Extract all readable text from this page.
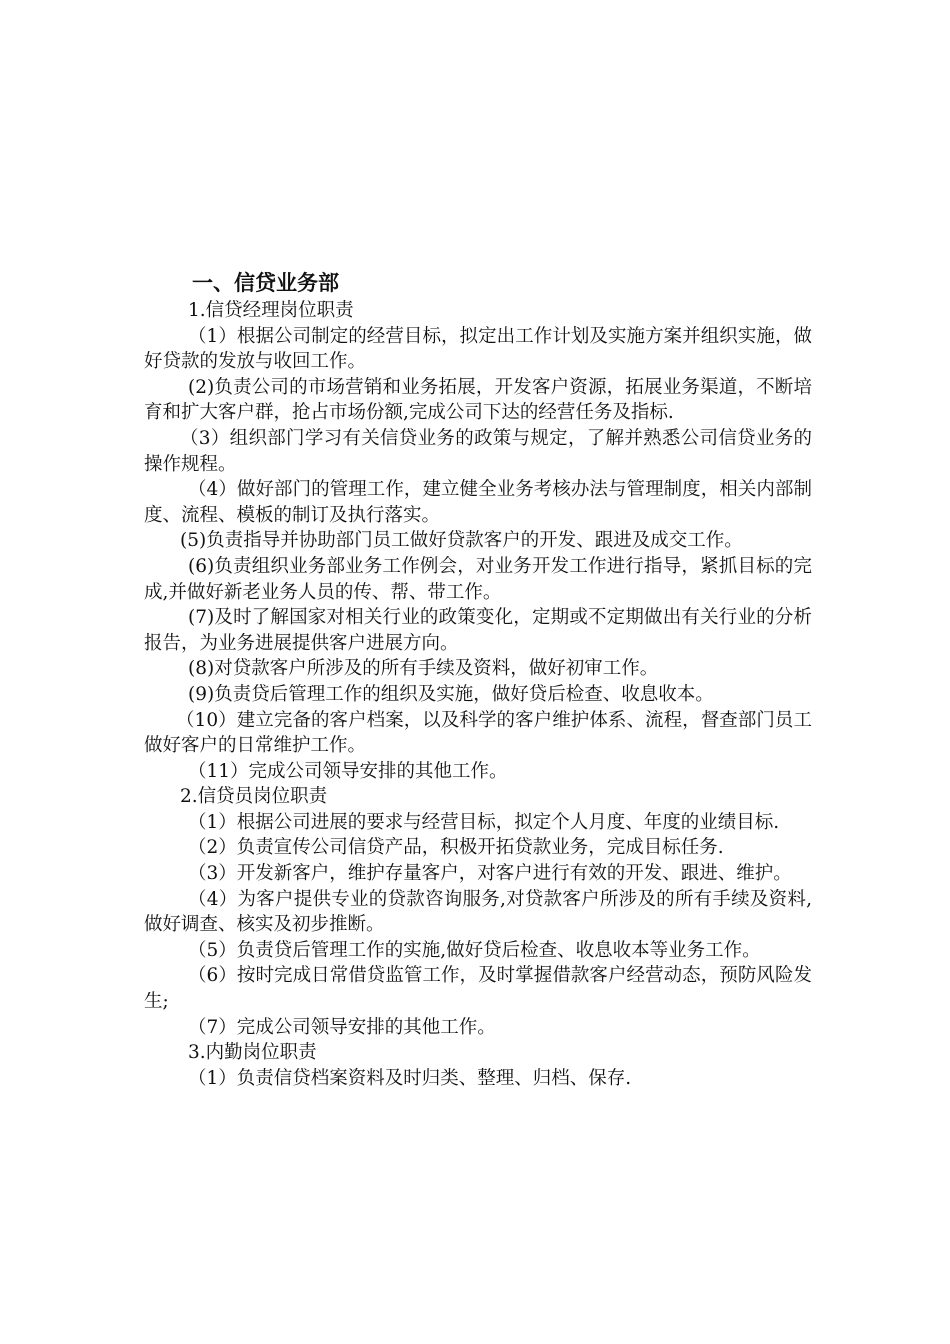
一、信贷业务部

1.信贷经理岗位职责

（1）根据公司制定的经营目标，拟定出工作计划及实施方案并组织实施，做好贷款的发放与收回工作。

(2)负责公司的市场营销和业务拓展，开发客户资源，拓展业务渠道，不断培育和扩大客户群，抢占市场份额,完成公司下达的经营任务及指标.

（3）组织部门学习有关信贷业务的政策与规定，了解并熟悉公司信贷业务的操作规程。

（4）做好部门的管理工作，建立健全业务考核办法与管理制度，相关内部制度、流程、模板的制订及执行落实。

(5)负责指导并协助部门员工做好贷款客户的开发、跟进及成交工作。

(6)负责组织业务部业务工作例会，对业务开发工作进行指导，紧抓目标的完成,并做好新老业务人员的传、帮、带工作。

(7)及时了解国家对相关行业的政策变化，定期或不定期做出有关行业的分析报告，为业务进展提供客户进展方向。

(8)对贷款客户所涉及的所有手续及资料，做好初审工作。

(9)负责贷后管理工作的组织及实施，做好贷后检查、收息收本。

（10）建立完备的客户档案，以及科学的客户维护体系、流程，督查部门员工做好客户的日常维护工作。

（11）完成公司领导安排的其他工作。

2.信贷员岗位职责

（1）根据公司进展的要求与经营目标，拟定个人月度、年度的业绩目标.

（2）负责宣传公司信贷产品，积极开拓贷款业务，完成目标任务.

（3）开发新客户，维护存量客户，对客户进行有效的开发、跟进、维护。

（4）为客户提供专业的贷款咨询服务,对贷款客户所涉及的所有手续及资料,做好调查、核实及初步推断。

（5）负责贷后管理工作的实施,做好贷后检查、收息收本等业务工作。

（6）按时完成日常借贷监管工作，及时掌握借款客户经营动态，预防风险发生;

（7）完成公司领导安排的其他工作。

3.内勤岗位职责

（1）负责信贷档案资料及时归类、整理、归档、保存.
